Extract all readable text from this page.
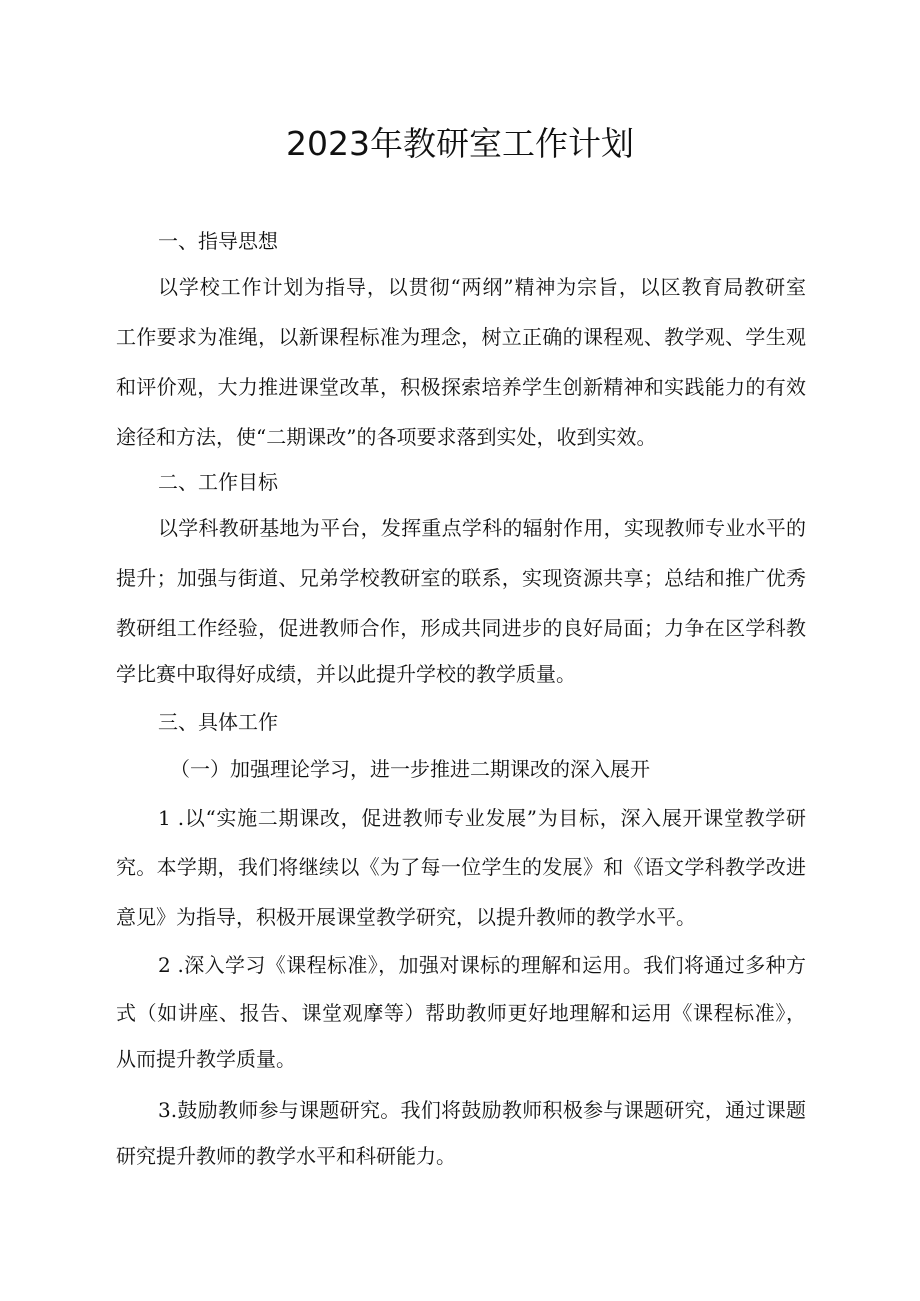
2023年教研室工作计划
一、指导思想
以学校工作计划为指导，以贯彻“两纲”精神为宗旨，以区教育局教研室
工作要求为准绳，以新课程标准为理念，树立正确的课程观、教学观、学生观
和评价观，大力推进课堂改革，积极探索培养学生创新精神和实践能力的有效
途径和方法，使“二期课改”的各项要求落到实处，收到实效。
二、工作目标
以学科教研基地为平台，发挥重点学科的辐射作用，实现教师专业水平的
提升；加强与街道、兄弟学校教研室的联系，实现资源共享；总结和推广优秀
教研组工作经验，促进教师合作，形成共同进步的良好局面；力争在区学科教
学比赛中取得好成绩，并以此提升学校的教学质量。
三、具体工作
（一）加强理论学习，进一步推进二期课改的深入展开
1 .以“实施二期课改，促进教师专业发展”为目标，深入展开课堂教学研
究。本学期，我们将继续以《为了每一位学生的发展》和《语文学科教学改进
意见》为指导，积极开展课堂教学研究，以提升教师的教学水平。
2 .深入学习《课程标准》，加强对课标的理解和运用。我们将通过多种方
式（如讲座、报告、课堂观摩等）帮助教师更好地理解和运用《课程标准》，
从而提升教学质量。
3.鼓励教师参与课题研究。我们将鼓励教师积极参与课题研究，通过课题
研究提升教师的教学水平和科研能力。
